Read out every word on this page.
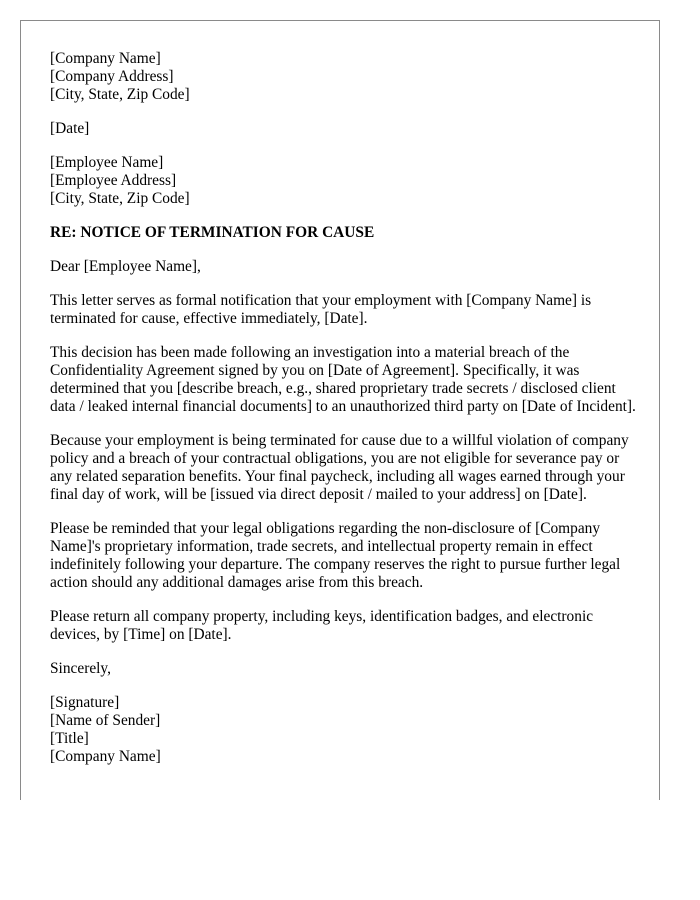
[Company Name]
[Company Address]
[City, State, Zip Code]
[Date]
[Employee Name]
[Employee Address]
[City, State, Zip Code]

RE: NOTICE OF TERMINATION FOR CAUSE

Dear [Employee Name],

This letter serves as formal notification that your employment with [Company Name] is terminated for cause, effective immediately, [Date].

This decision has been made following an investigation into a material breach of the Confidentiality Agreement signed by you on [Date of Agreement]. Specifically, it was determined that you [describe breach, e.g., shared proprietary trade secrets / disclosed client data / leaked internal financial documents] to an unauthorized third party on [Date of Incident].

Because your employment is being terminated for cause due to a willful violation of company policy and a breach of your contractual obligations, you are not eligible for severance pay or any related separation benefits. Your final paycheck, including all wages earned through your final day of work, will be [issued via direct deposit / mailed to your address] on [Date].

Please be reminded that your legal obligations regarding the non-disclosure of [Company Name]'s proprietary information, trade secrets, and intellectual property remain in effect indefinitely following your departure. The company reserves the right to pursue further legal action should any additional damages arise from this breach.

Please return all company property, including keys, identification badges, and electronic devices, by [Time] on [Date].

Sincerely,

[Signature]
[Name of Sender]
[Title]
[Company Name]
